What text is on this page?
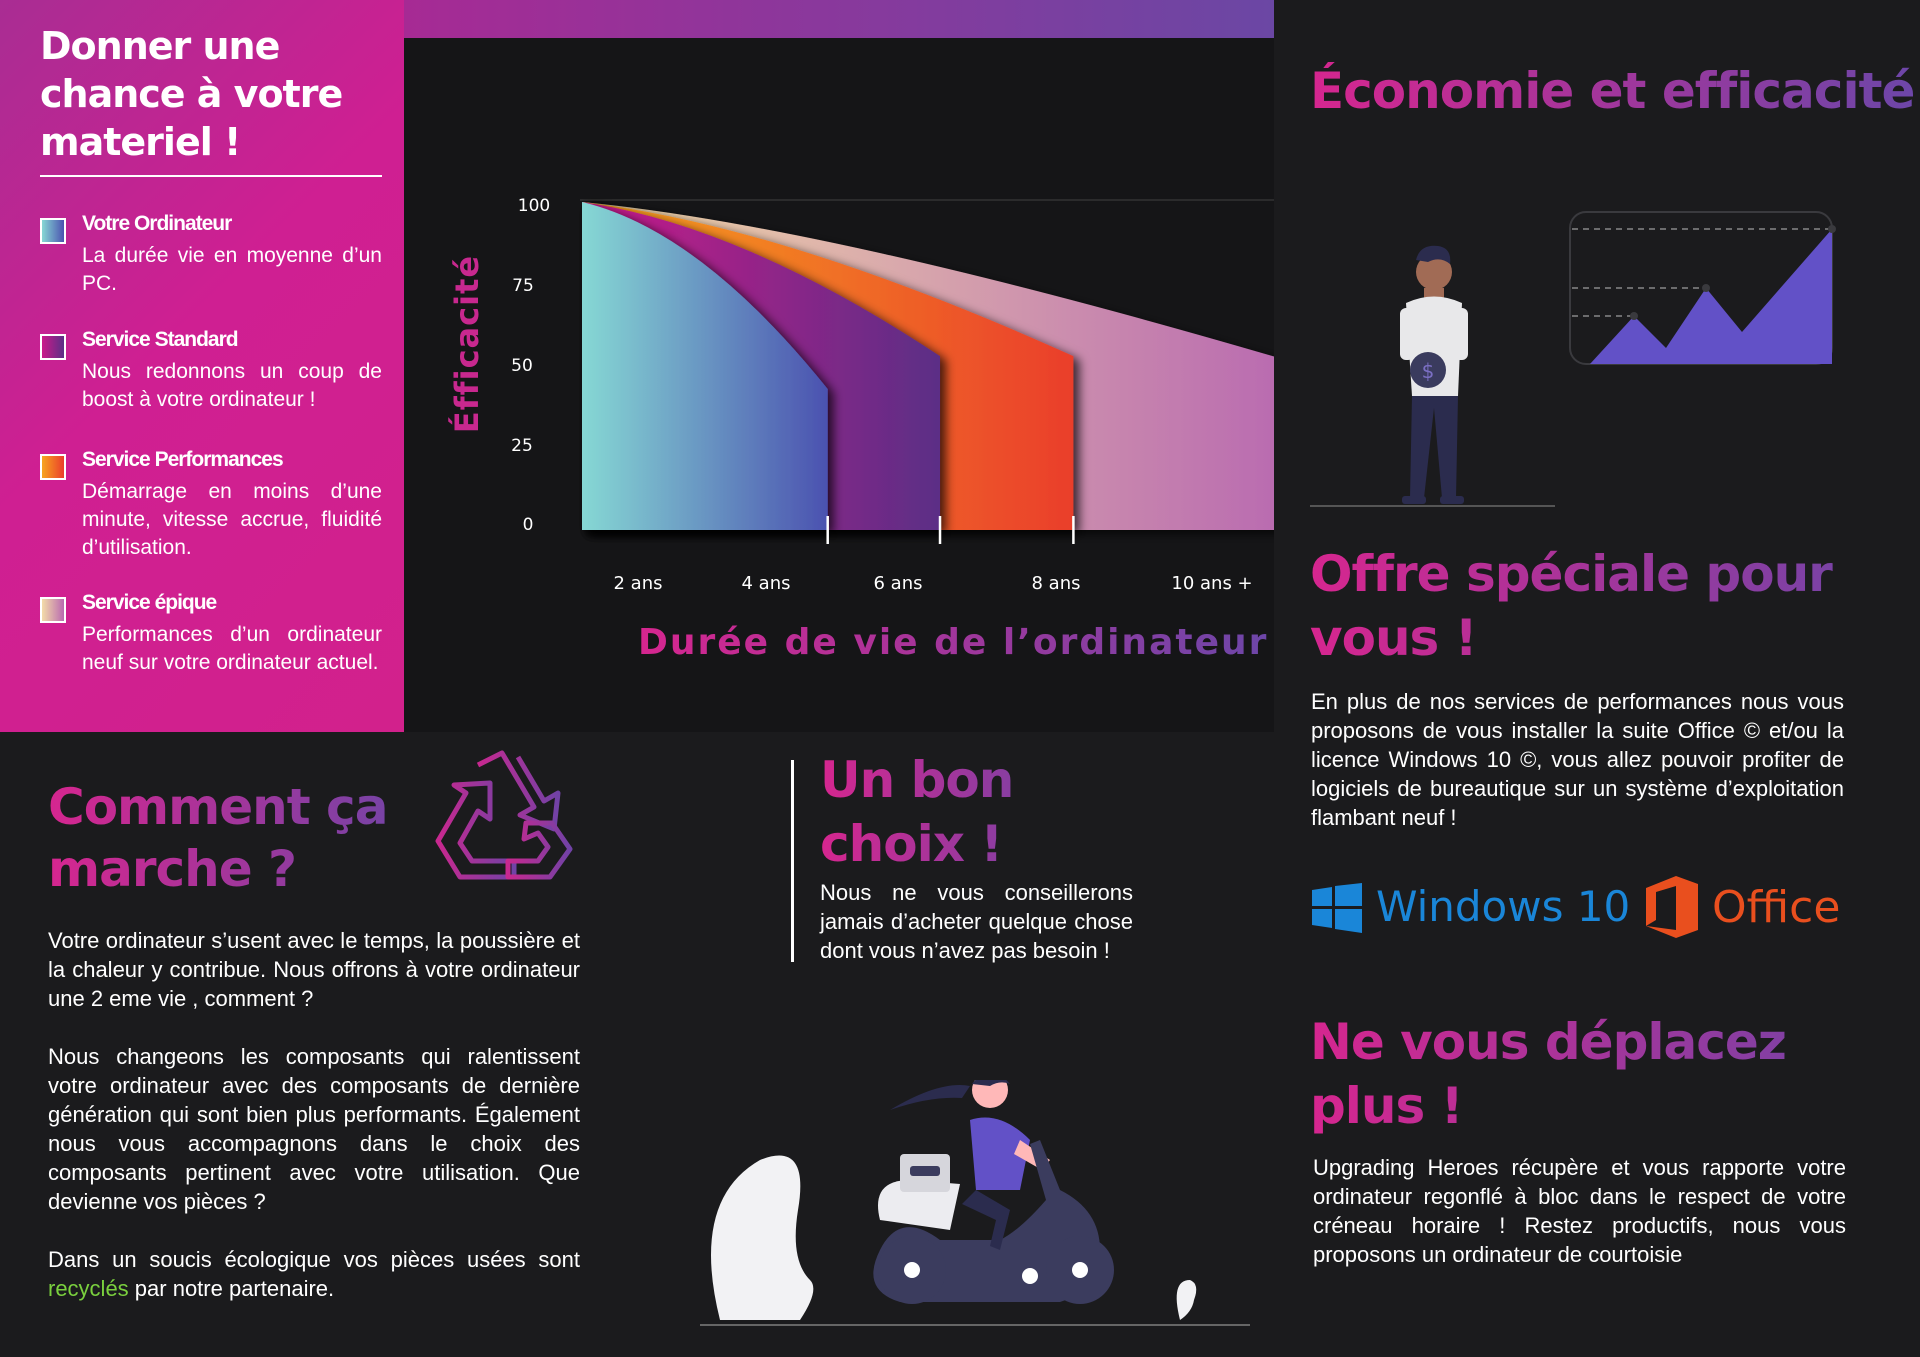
Donner une chance à votre materiel !
Votre Ordinateur
La durée vie en moyenne d’un PC.
Service Standard
Nous redonnons un coup de boost à votre ordinateur !
Service Performances
Démarrage en moins d’une minute, vitesse accrue, fluidité d’utilisation.
Service épique
Performances d’un ordinateur neuf sur votre ordinateur actuel.
100
75
50
25
0
2 ans	4 ans	6 ans	8 ans	10 ans +
Éfficacité
Durée de vie de l’ordinateur
Économie et efficacité
$
Offre spéciale pour vous !
En plus de nos services de performances nous vous proposons de vous installer la suite Office © et/ou la licence Windows 10 ©, vous allez pouvoir profiter de logiciels de bureautique sur un système d’exploitation flambant neuf !
Windows 10 Office
Ne vous déplacez plus !
Upgrading Heroes récupère et vous rapporte votre ordinateur regonflé à bloc dans le respect de votre créneau horaire ! Restez productifs, nous vous proposons un ordinateur de courtoisie
Comment ça marche ?
Votre ordinateur s’usent avec le temps, la poussière et la chaleur y contribue. Nous offrons à votre ordinateur une 2 eme vie , comment ?
Nous changeons les composants qui ralentissent votre ordinateur avec des composants de dernière génération qui sont bien plus performants. Également nous vous accompagnons dans le choix des composants pertinent avec votre utilisation. Que devienne vos pièces ?
Dans un soucis écologique vos pièces usées sont recyclés par notre partenaire.
Un bon choix !
Nous ne vous conseillerons jamais d’acheter quelque chose dont vous n’avez pas besoin !
